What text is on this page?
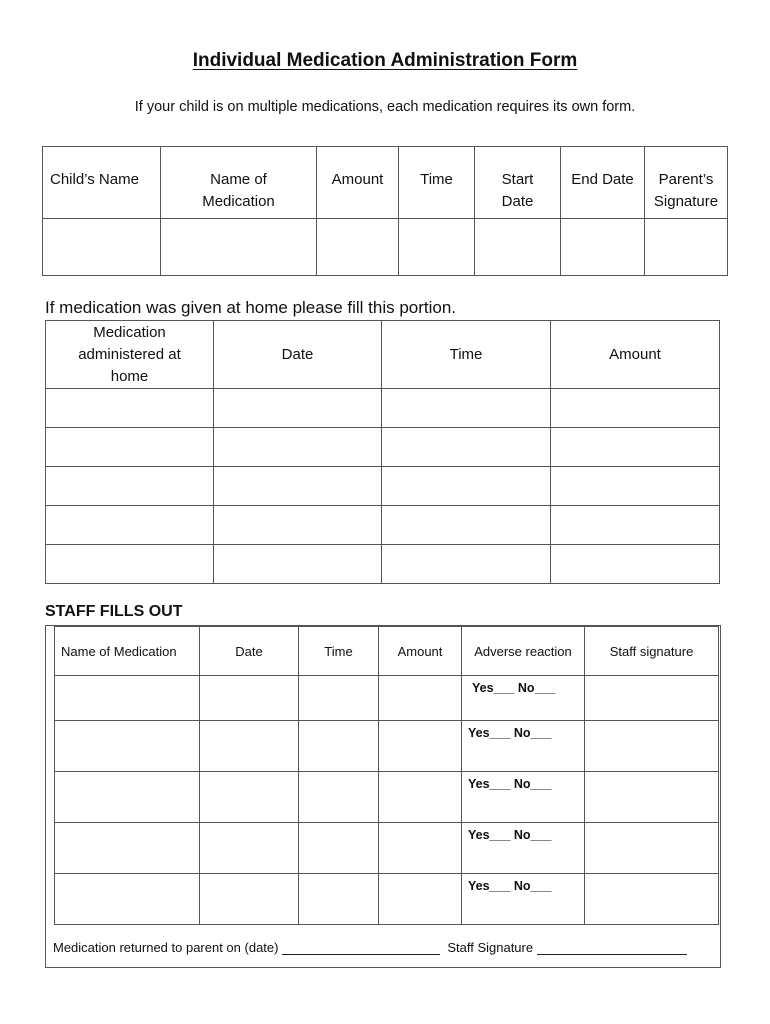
Individual Medication Administration Form
If your child is on multiple medications, each medication requires its own form.
Child’s Name	Name of Medication	Amount	Time	Start Date	End Date	Parent’s Signature

If medication was given at home please fill this portion.
Medication administered at home	Date	Time	Amount

STAFF FILLS OUT
Name of Medication	Date	Time	Amount	Adverse reaction	Staff signature

				Yes___ No___	

				Yes___ No___	

				Yes___ No___	

				Yes___ No___	

				Yes___ No___	

Medication returned to parent on (date)	Staff Signature
